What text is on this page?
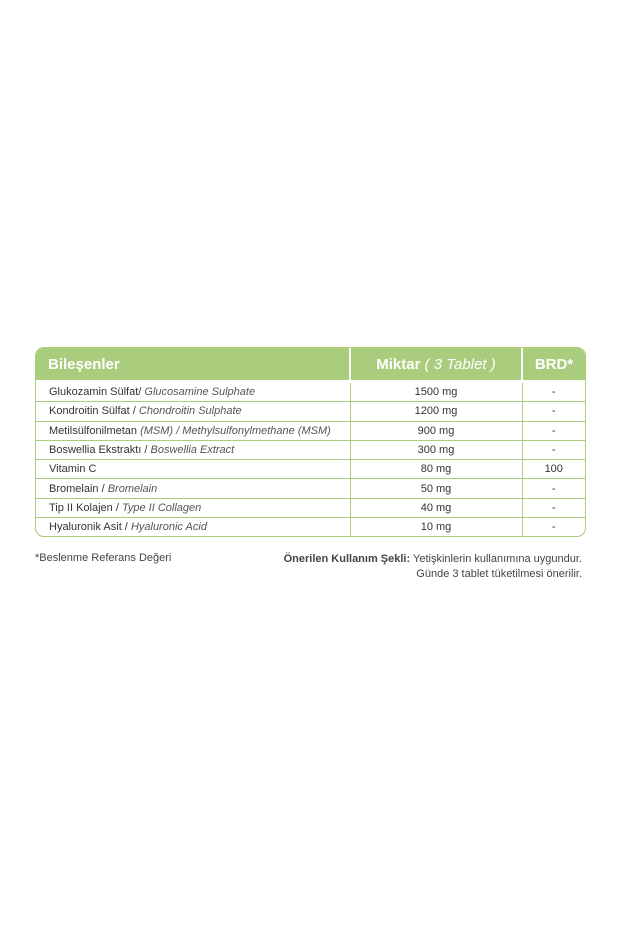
Bileşenler	Miktar ( 3 Tablet )	BRD*
Glukozamin Sülfat/ Glucosamine Sulphate	1500 mg	-
Kondroitin Sülfat / Chondroitin Sulphate	1200 mg	-
Metilsülfonilmetan (MSM) / Methylsulfonylmethane (MSM)	900 mg	-
Boswellia Ekstraktı / Boswellia Extract	300 mg	-
Vitamin C	80 mg	100
Bromelain / Bromelain	50 mg	-
Tip II Kolajen / Type II Collagen	40 mg	-
Hyaluronik Asit / Hyaluronic Acid	10 mg	-
*Beslenme Referans Değeri	Önerilen Kullanım Şekli: Yetişkinlerin kullanımına uygundur.
Günde 3 tablet tüketilmesi önerilir.
